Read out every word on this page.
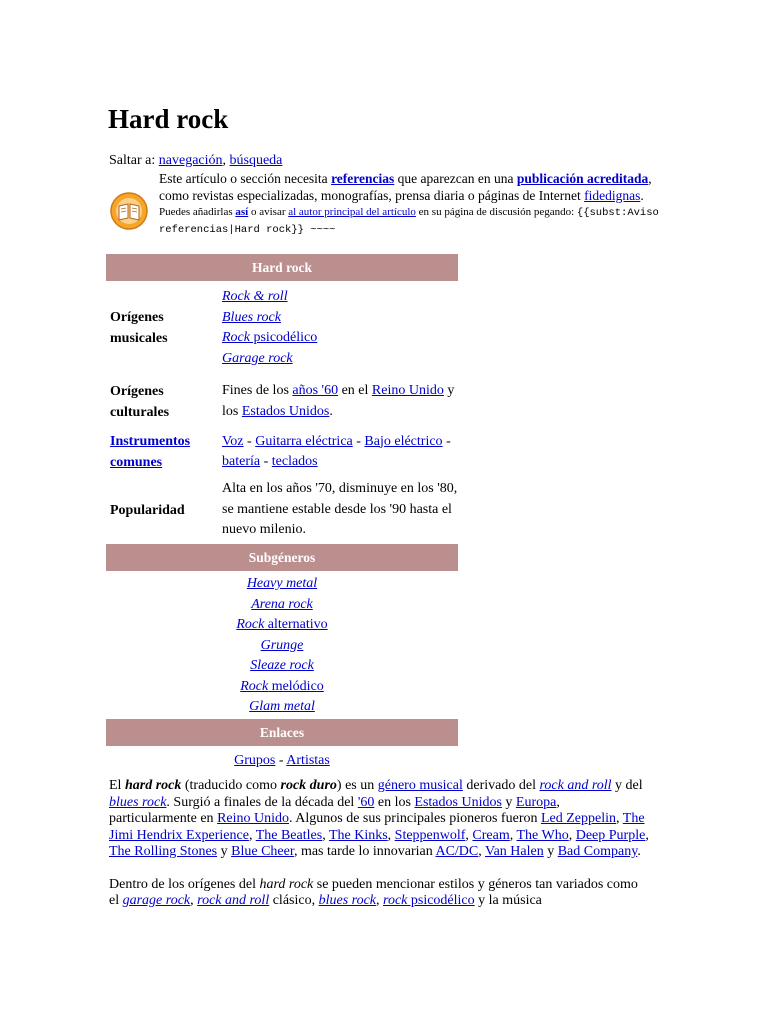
Hard rock
Saltar a: navegación, búsqueda
Este artículo o sección necesita referencias que aparezcan en una publicación acreditada, como revistas especializadas, monografías, prensa diaria o páginas de Internet fidedignas.
Puedes añadirlas así o avisar al autor principal del artículo en su página de discusión pegando: {{subst:Aviso referencias|Hard rock}} ~~~~
Hard rock
Orígenes musicales
Rock & roll
Blues rock
Rock psicodélico
Garage rock
Orígenes culturales
Fines de los años '60 en el Reino Unido y los Estados Unidos.
Instrumentos comunes
Voz - Guitarra eléctrica - Bajo eléctrico - batería - teclados
Popularidad
Alta en los años '70, disminuye en los '80, se mantiene estable desde los '90 hasta el nuevo milenio.
Subgéneros
Heavy metal
Arena rock
Rock alternativo
Grunge
Sleaze rock
Rock melódico
Glam metal
Enlaces
Grupos - Artistas

El hard rock (traducido como rock duro) es un género musical derivado del rock and roll y del blues rock. Surgió a finales de la década del '60 en los Estados Unidos y Europa, particularmente en Reino Unido. Algunos de sus principales pioneros fueron Led Zeppelin, The Jimi Hendrix Experience, The Beatles, The Kinks, Steppenwolf, Cream, The Who, Deep Purple, The Rolling Stones y Blue Cheer, mas tarde lo innovarian AC/DC, Van Halen y Bad Company.

Dentro de los orígenes del hard rock se pueden mencionar estilos y géneros tan variados como el garage rock, rock and roll clásico, blues rock, rock psicodélico y la música
